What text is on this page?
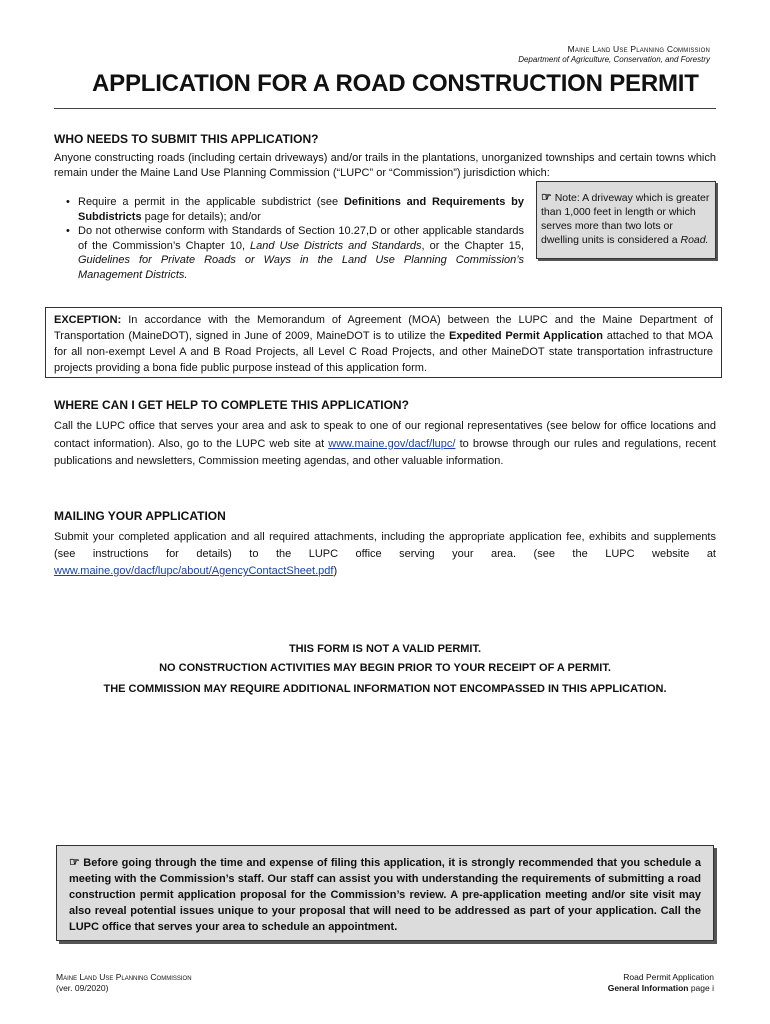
Maine Land Use Planning Commission
Department of Agriculture, Conservation, and Forestry
APPLICATION FOR A ROAD CONSTRUCTION PERMIT
WHO NEEDS TO SUBMIT THIS APPLICATION?

Anyone constructing roads (including certain driveways) and/or trails in the plantations, unorganized townships and certain towns which remain under the Maine Land Use Planning Commission (“LUPC” or “Commission”) jurisdiction which:

• Require a permit in the applicable subdistrict (see Definitions and Requirements by Subdistricts page for details); and/or
• Do not otherwise conform with Standards of Section 10.27,D or other applicable standards of the Commission’s Chapter 10, Land Use Districts and Standards, or the Chapter 15, Guidelines for Private Roads or Ways in the Land Use Planning Commission’s Management Districts.
☞ Note: A driveway which is greater than 1,000 feet in length or which serves more than two lots or dwelling units is considered a Road.
EXCEPTION: In accordance with the Memorandum of Agreement (MOA) between the LUPC and the Maine Department of Transportation (MaineDOT), signed in June of 2009, MaineDOT is to utilize the Expedited Permit Application attached to that MOA for all non-exempt Level A and B Road Projects, all Level C Road Projects, and other MaineDOT state transportation infrastructure projects providing a bona fide public purpose instead of this application form.
WHERE CAN I GET HELP TO COMPLETE THIS APPLICATION?
Call the LUPC office that serves your area and ask to speak to one of our regional representatives (see below for office locations and contact information). Also, go to the LUPC web site at www.maine.gov/dacf/lupc/ to browse through our rules and regulations, recent publications and newsletters, Commission meeting agendas, and other valuable information.
MAILING YOUR APPLICATION
Submit your completed application and all required attachments, including the appropriate application fee, exhibits and supplements (see instructions for details) to the LUPC office serving your area. (see the LUPC website at www.maine.gov/dacf/lupc/about/AgencyContactSheet.pdf)
THIS FORM IS NOT A VALID PERMIT.
NO CONSTRUCTION ACTIVITIES MAY BEGIN PRIOR TO YOUR RECEIPT OF A PERMIT.
THE COMMISSION MAY REQUIRE ADDITIONAL INFORMATION NOT ENCOMPASSED IN THIS APPLICATION.
☞ Before going through the time and expense of filing this application, it is strongly recommended that you schedule a meeting with the Commission’s staff. Our staff can assist you with understanding the requirements of submitting a road construction permit application proposal for the Commission’s review. A pre-application meeting and/or site visit may also reveal potential issues unique to your proposal that will need to be addressed as part of your application. Call the LUPC office that serves your area to schedule an appointment.
Maine Land Use Planning Commission
(ver. 09/2020)
Road Permit Application
General Information page i
